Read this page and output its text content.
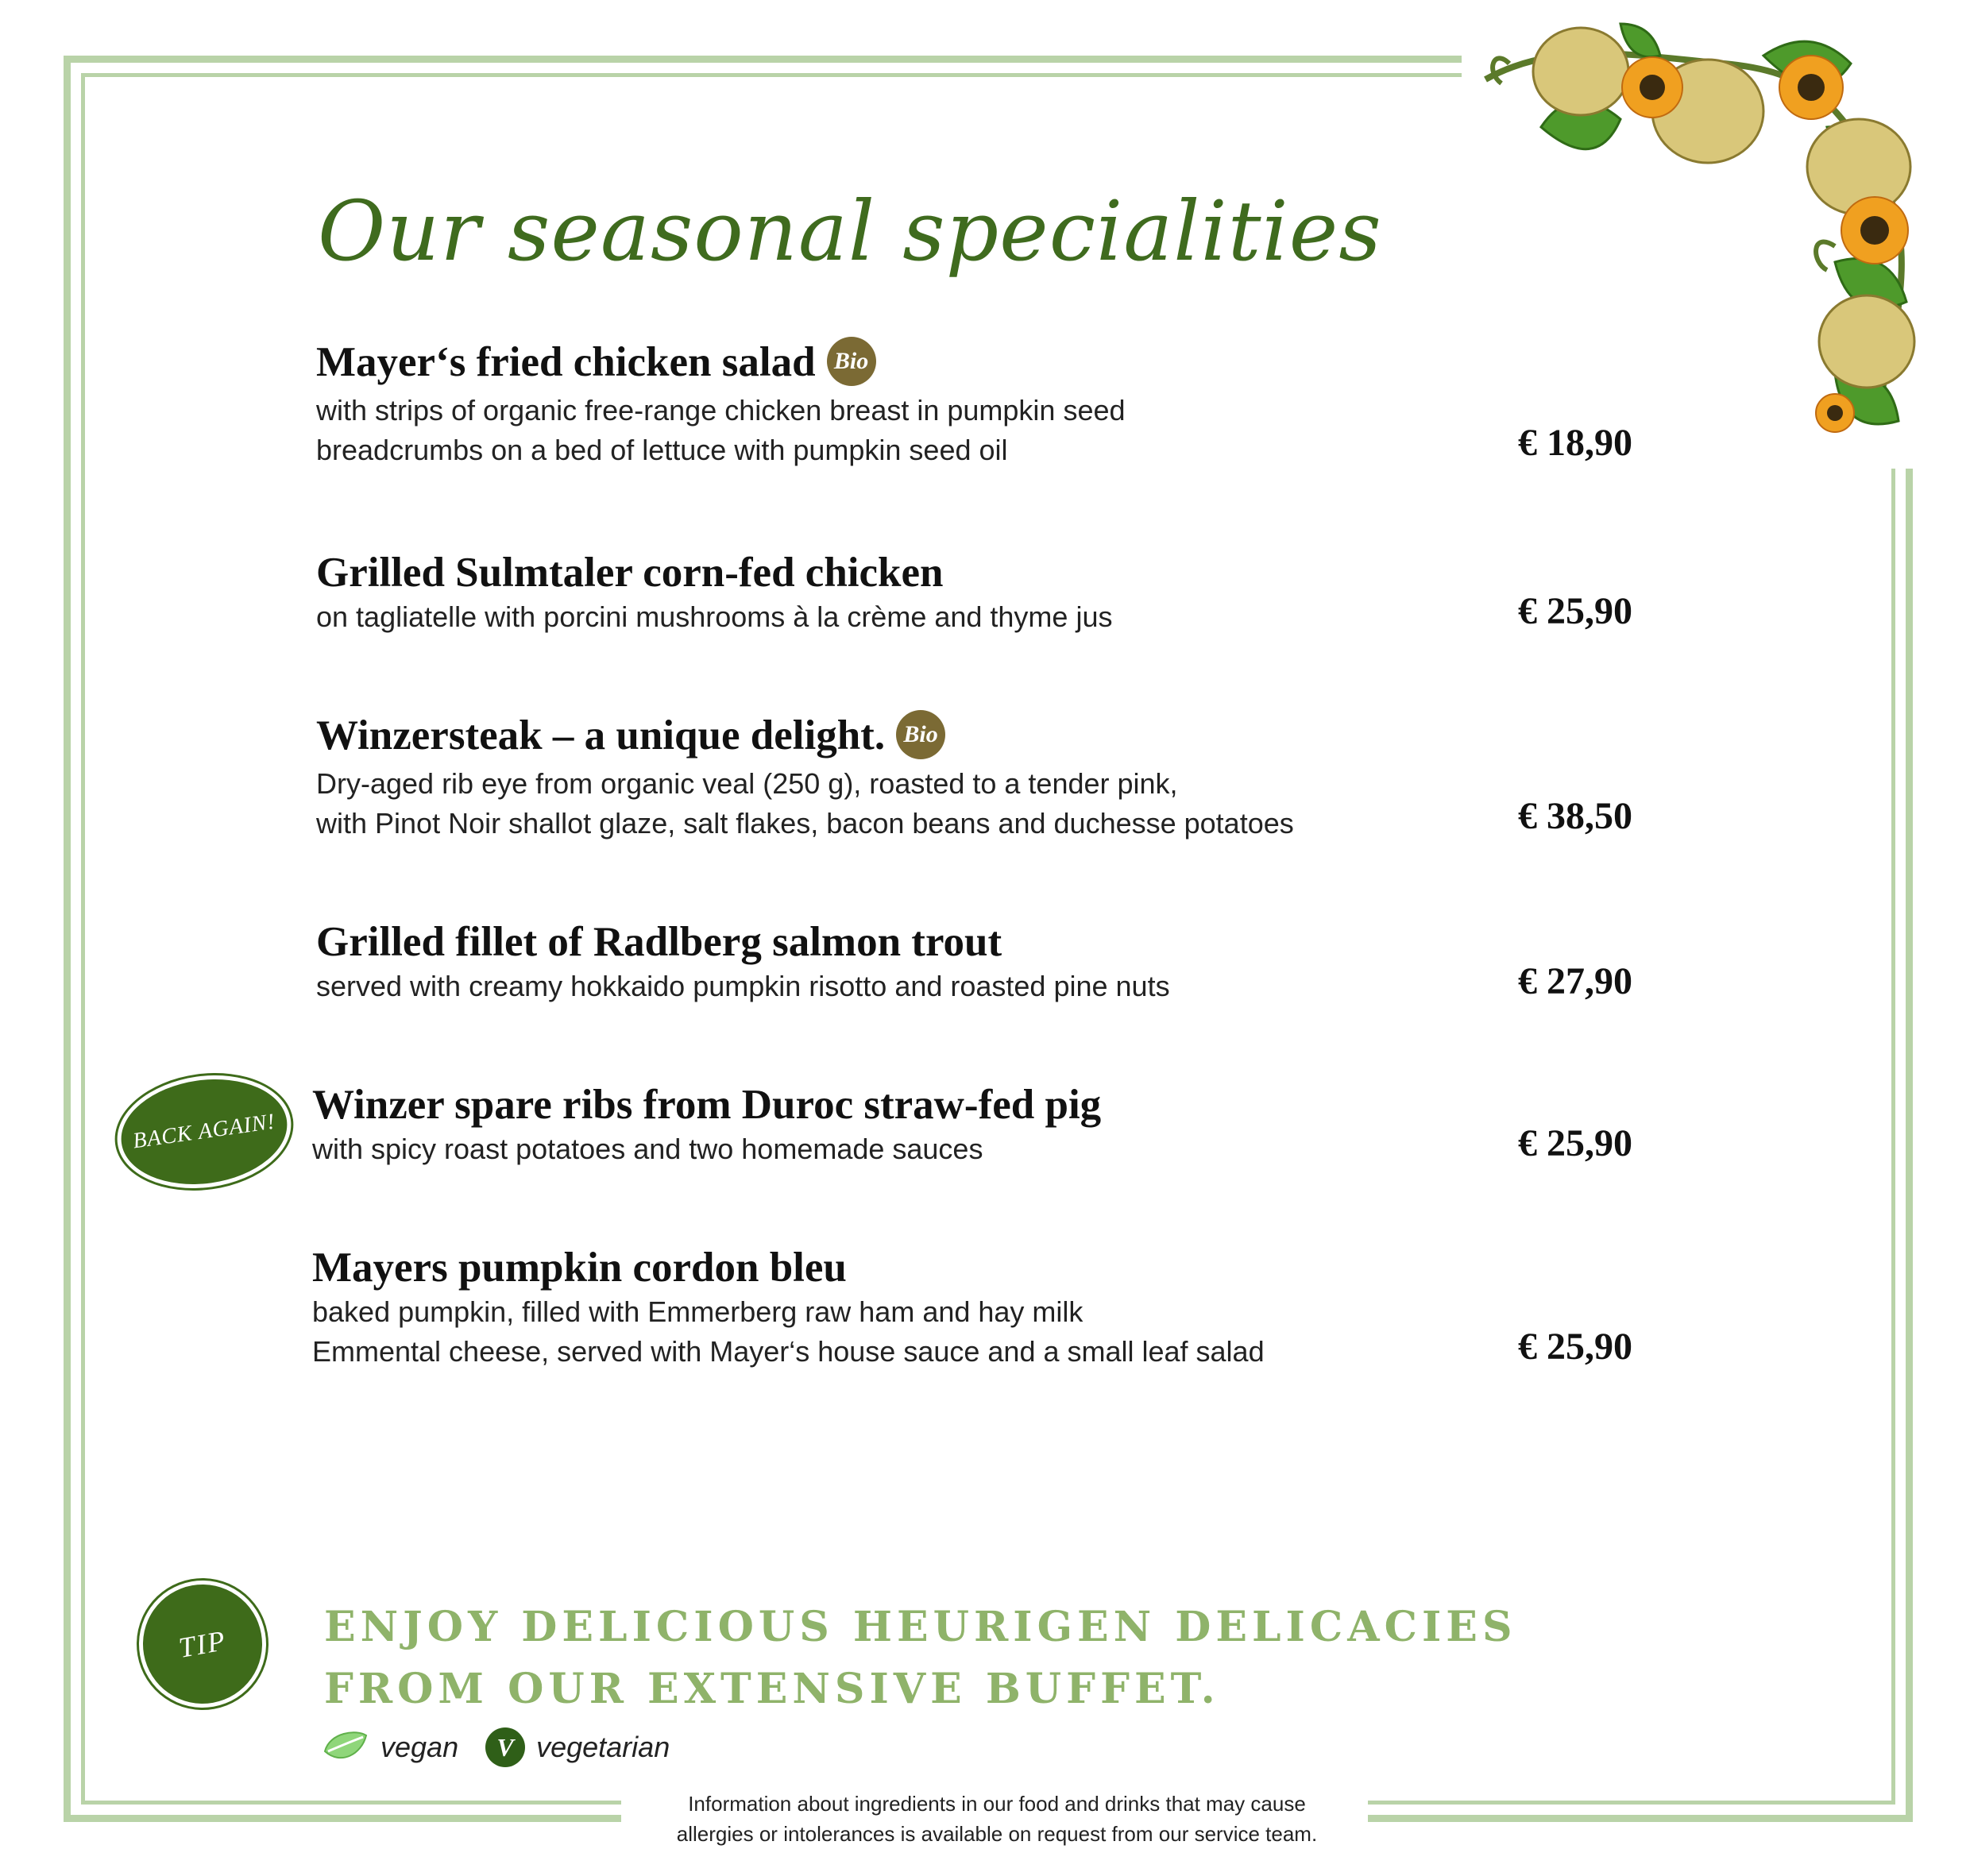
Our seasonal specialities
Mayer‘s fried chicken salad Bio
with strips of organic free-range chicken breast in pumpkin seed
breadcrumbs on a bed of lettuce with pumpkin seed oil	€ 18,90
Grilled Sulmtaler corn-fed chicken
on tagliatelle with porcini mushrooms à la crème and thyme jus	€ 25,90
Winzersteak – a unique delight. Bio
Dry-aged rib eye from organic veal (250 g), roasted to a tender pink,
with Pinot Noir shallot glaze, salt flakes, bacon beans and duchesse potatoes	€ 38,50
Grilled fillet of Radlberg salmon trout
served with creamy hokkaido pumpkin risotto and roasted pine nuts	€ 27,90
BACK AGAIN!
Winzer spare ribs from Duroc straw-fed pig
with spicy roast potatoes and two homemade sauces	€ 25,90
Mayers pumpkin cordon bleu
baked pumpkin, filled with Emmerberg raw ham and hay milk
Emmental cheese, served with Mayer‘s house sauce and a small leaf salad	€ 25,90
TIP	ENJOY DELICIOUS HEURIGEN DELICACIES
FROM OUR EXTENSIVE BUFFET.
vegan	V vegetarian
Information about ingredients in our food and drinks that may cause
allergies or intolerances is available on request from our service team.
